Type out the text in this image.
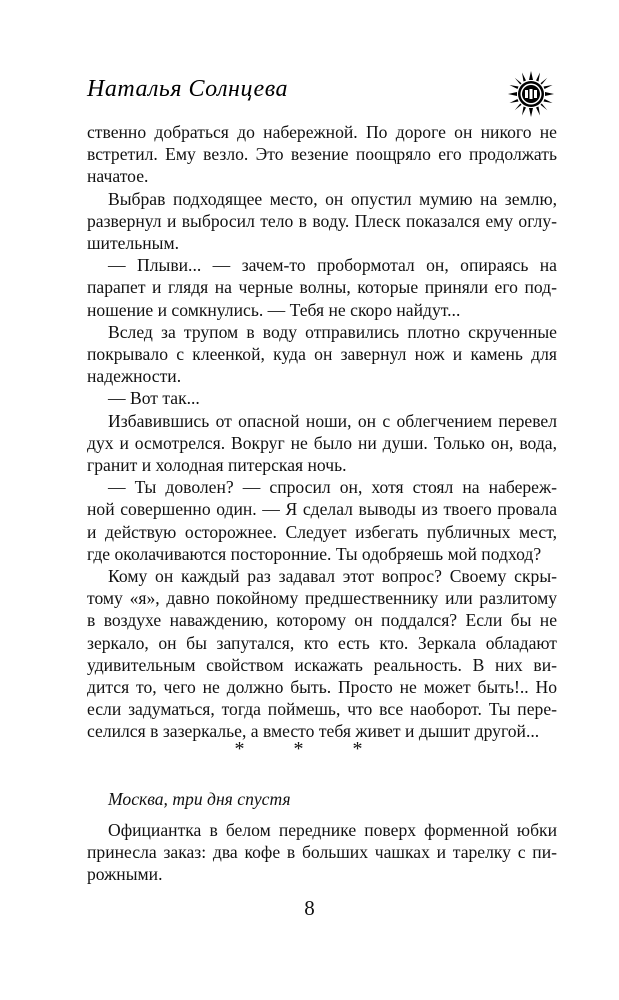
Наталья Солнцева
ственно добраться до набережной. По дороге он никого не
встретил. Ему везло. Это везение поощряло его продолжать
начатое.
Выбрав подходящее место, он опустил мумию на землю,
развернул и выбросил тело в воду. Плеск показался ему оглу-
шительным.
— Плыви... — зачем-то пробормотал он, опираясь на
парапет и глядя на черные волны, которые приняли его под-
ношение и сомкнулись. — Тебя не скоро найдут...
Вслед за трупом в воду отправились плотно скрученные
покрывало с клеенкой, куда он завернул нож и камень для
надежности.
— Вот так...
Избавившись от опасной ноши, он с облегчением перевел
дух и осмотрелся. Вокруг не было ни души. Только он, вода,
гранит и холодная питерская ночь.
— Ты доволен? — спросил он, хотя стоял на набереж-
ной совершенно один. — Я сделал выводы из твоего провала
и действую осторожнее. Следует избегать публичных мест,
где околачиваются посторонние. Ты одобряешь мой подход?
Кому он каждый раз задавал этот вопрос? Своему скры-
тому «я», давно покойному предшественнику или разлитому
в воздухе наваждению, которому он поддался? Если бы не
зеркало, он бы запутался, кто есть кто. Зеркала обладают
удивительным свойством искажать реальность. В них ви-
дится то, чего не должно быть. Просто не может быть!.. Но
если задуматься, тогда поймешь, что все наоборот. Ты пере-
селился в зазеркалье, а вместо тебя живет и дышит другой...
* * *
Москва, три дня спустя
Официантка в белом переднике поверх форменной юбки
принесла заказ: два кофе в больших чашках и тарелку с пи-
рожными.
8
